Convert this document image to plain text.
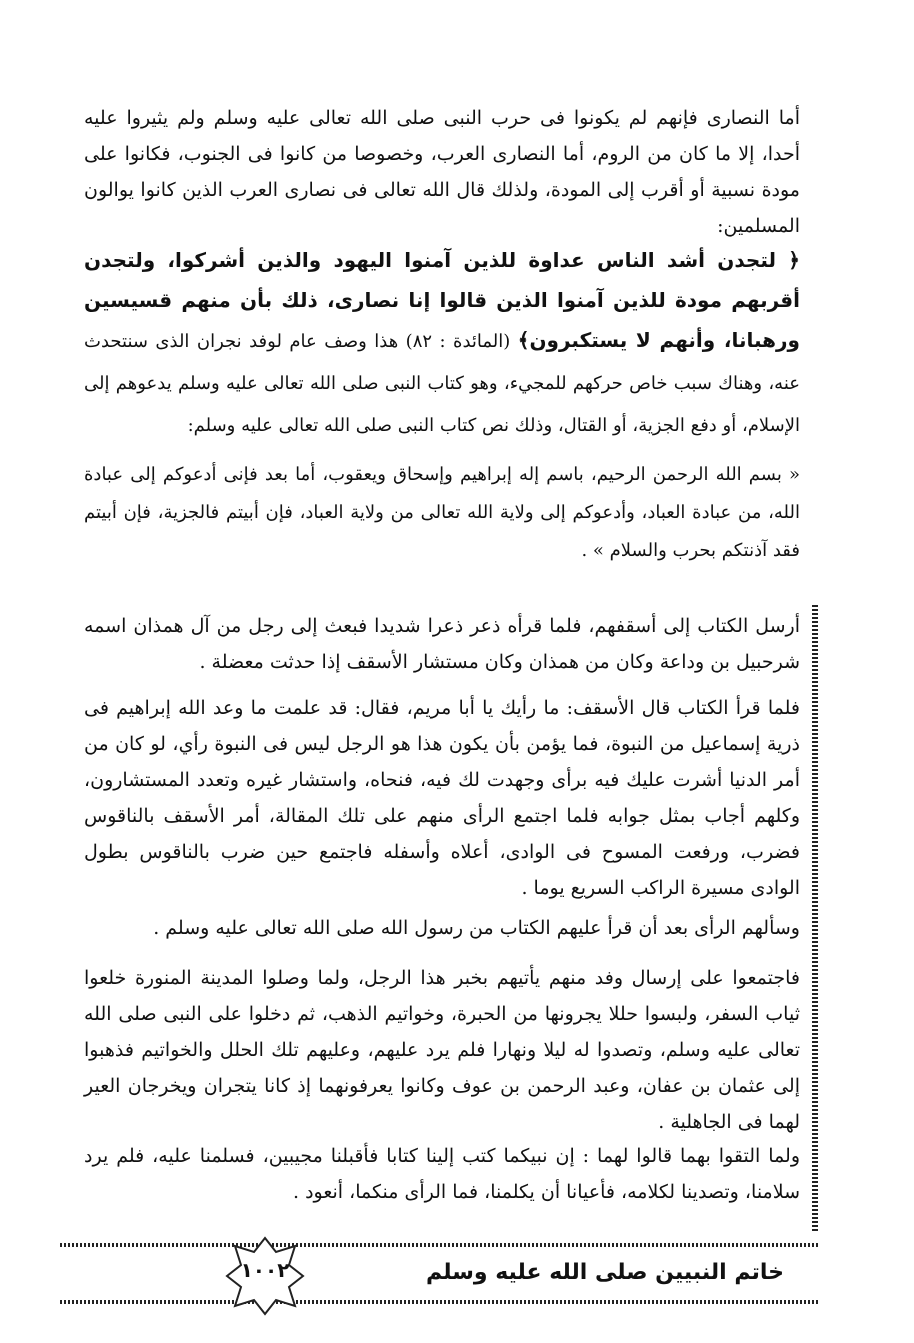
أما النصارى فإنهم لم يكونوا فى حرب النبى صلى الله تعالى عليه وسلم ولم يثيروا عليه أحدا، إلا ما كان من الروم، أما النصارى العرب، وخصوصا من كانوا فى الجنوب، فكانوا على مودة نسبية أو أقرب إلى المودة، ولذلك قال الله تعالى فى نصارى العرب الذين كانوا يوالون المسلمين:

﴿ لتجدن أشد الناس عداوة للذين آمنوا اليهود والذين أشركوا، ولتجدن أقربهم مودة للذين آمنوا الذين قالوا إنا نصارى، ذلك بأن منهم قسيسين ورهبانا، وأنهم لا يستكبرون﴾ (المائدة : ٨٢) هذا وصف عام لوفد نجران الذى سنتحدث عنه، وهناك سبب خاص حركهم للمجيء، وهو كتاب النبى صلى الله تعالى عليه وسلم يدعوهم إلى الإسلام، أو دفع الجزية، أو القتال، وذلك نص كتاب النبى صلى الله تعالى عليه وسلم:

« بسم الله الرحمن الرحيم، باسم إله إبراهيم وإسحاق ويعقوب، أما بعد فإنى أدعوكم إلى عبادة الله، من عبادة العباد، وأدعوكم إلى ولاية الله تعالى من ولاية العباد، فإن أبيتم فالجزية، فإن أبيتم فقد آذنتكم بحرب والسلام » .

أرسل الكتاب إلى أسقفهم، فلما قرأه ذعر ذعرا شديدا فبعث إلى رجل من آل همذان اسمه شرحبيل بن وداعة وكان من همذان وكان مستشار الأسقف إذا حدثت معضلة .

فلما قرأ الكتاب قال الأسقف: ما رأيك يا أبا مريم، فقال: قد علمت ما وعد الله إبراهيم فى ذرية إسماعيل من النبوة، فما يؤمن بأن يكون هذا هو الرجل ليس فى النبوة رأي، لو كان من أمر الدنيا أشرت عليك فيه برأى وجهدت لك فيه، فنحاه، واستشار غيره وتعدد المستشارون، وكلهم أجاب بمثل جوابه فلما اجتمع الرأى منهم على تلك المقالة، أمر الأسقف بالناقوس فضرب، ورفعت المسوح فى الوادى، أعلاه وأسفله فاجتمع حين ضرب بالناقوس بطول الوادى مسيرة الراكب السريع يوما .

وسألهم الرأى بعد أن قرأ عليهم الكتاب من رسول الله صلى الله تعالى عليه وسلم .

فاجتمعوا على إرسال وفد منهم يأتيهم بخبر هذا الرجل، ولما وصلوا المدينة المنورة خلعوا ثياب السفر، ولبسوا حللا يجرونها من الحبرة، وخواتيم الذهب، ثم دخلوا على النبى صلى الله تعالى عليه وسلم، وتصدوا له ليلا ونهارا فلم يرد عليهم، وعليهم تلك الحلل والخواتيم فذهبوا إلى عثمان بن عفان، وعبد الرحمن بن عوف وكانوا يعرفونهما إذ كانا يتجران ويخرجان العير لهما فى الجاهلية .

ولما التقوا بهما قالوا لهما : إن نبيكما كتب إلينا كتابا فأقبلنا مجيبين، فسلمنا عليه، فلم يرد سلامنا، وتصدينا لكلامه، فأعيانا أن يكلمنا، فما الرأى منكما، أنعود .

خاتم النبيين صلى الله عليه وسلم
١٠٠٢
